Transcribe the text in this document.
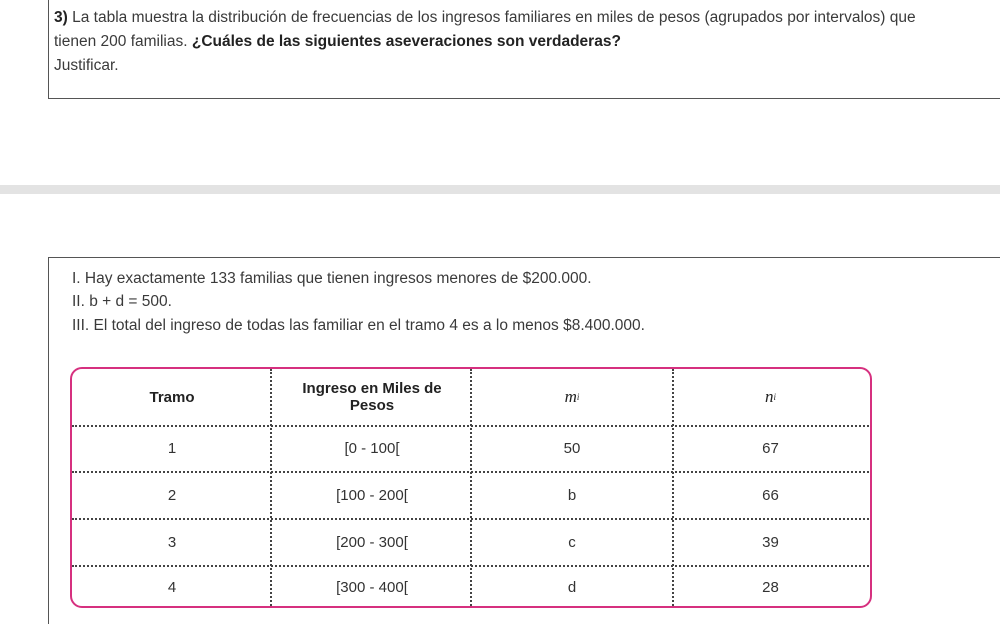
3) La tabla muestra la distribución de frecuencias de los ingresos familiares en miles de pesos (agrupados por intervalos) que tienen 200 familias. ¿Cuáles de las siguientes aseveraciones son verdaderas?
Justificar.
I. Hay exactamente 133 familias que tienen ingresos menores de $200.000.
II. b + d = 500.
III. El total del ingreso de todas las familiar en el tramo 4 es a lo menos $8.400.000.
Tramo	Ingreso en Miles de Pesos	m i	n i
1	[0 - 100[	50	67
2	[100 - 200[	b	66
3	[200 - 300[	c	39
4	[300 - 400[	d	28
